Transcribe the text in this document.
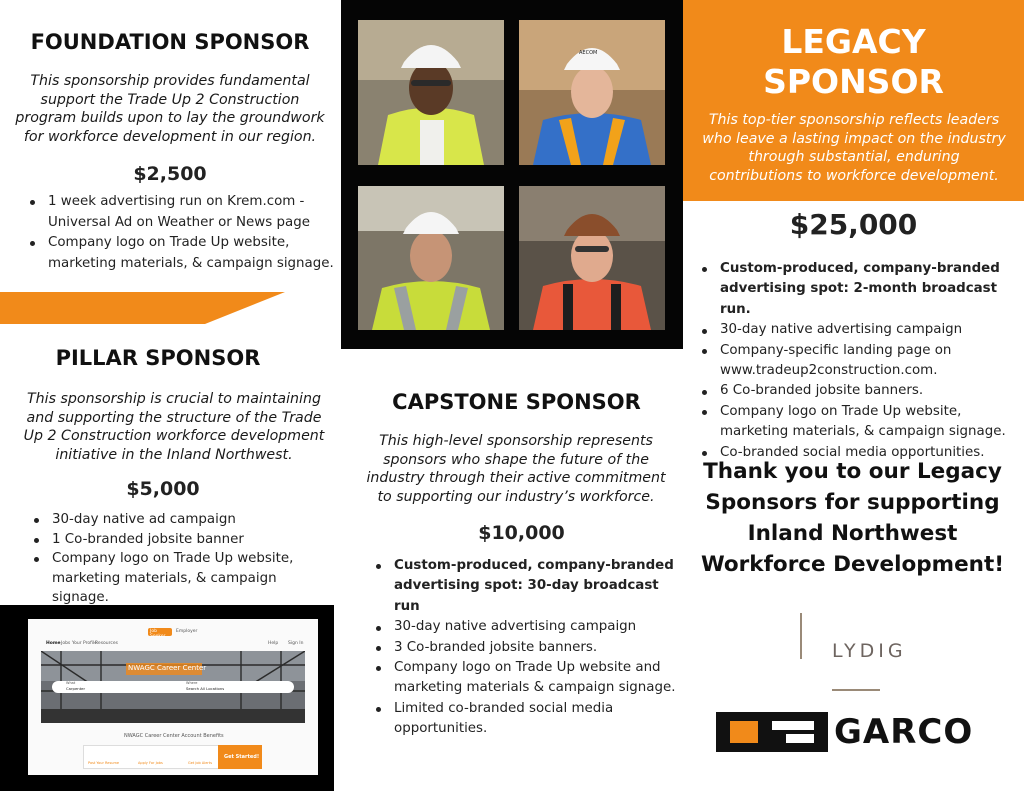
FOUNDATION SPONSOR
This sponsorship provides fundamental support the Trade Up 2 Construction program builds upon to lay the groundwork for workforce development in our region.
$2,500
1 week advertising run on Krem.com - Universal Ad on Weather or News page
Company logo on Trade Up website, marketing materials, & campaign signage.
PILLAR SPONSOR
This sponsorship is crucial to maintaining and supporting the structure of the Trade Up 2 Construction workforce development initiative in the Inland Northwest.
$5,000
30-day native ad campaign
1 Co-branded jobsite banner
Company logo on Trade Up website, marketing materials, & campaign signage.
Job Seeker
Employer
Home Jobs Your Profile
Resources	Help Sign In
NWAGC Career Center
What
Carpenter
Where
Search All Locations
NWAGC Career Center Account Benefits
Post Your Resume	Apply For Jobs	Get Job Alerts
Get Started!
AECOM
CAPSTONE SPONSOR
This high-level sponsorship represents sponsors who shape the future of the industry through their active commitment to supporting our industry’s workforce.
$10,000
Custom-produced, company-branded advertising spot: 30-day broadcast run
30-day native advertising campaign
3 Co-branded jobsite banners.
Company logo on Trade Up website and marketing materials & campaign signage.
Limited co-branded social media opportunities.
LEGACY
SPONSOR
This top-tier sponsorship reflects leaders who leave a lasting impact on the industry through substantial, enduring contributions to workforce development.
$25,000
Custom-produced, company-branded advertising spot: 2-month broadcast run.
30-day native advertising campaign
Company-specific landing page on www.tradeup2construction.com.
6 Co-branded jobsite banners.
Company logo on Trade Up website, marketing materials, & campaign signage.
Co-branded social media opportunities.
Thank you to our Legacy Sponsors for supporting Inland Northwest Workforce Development!
LYDIG
GARCO
